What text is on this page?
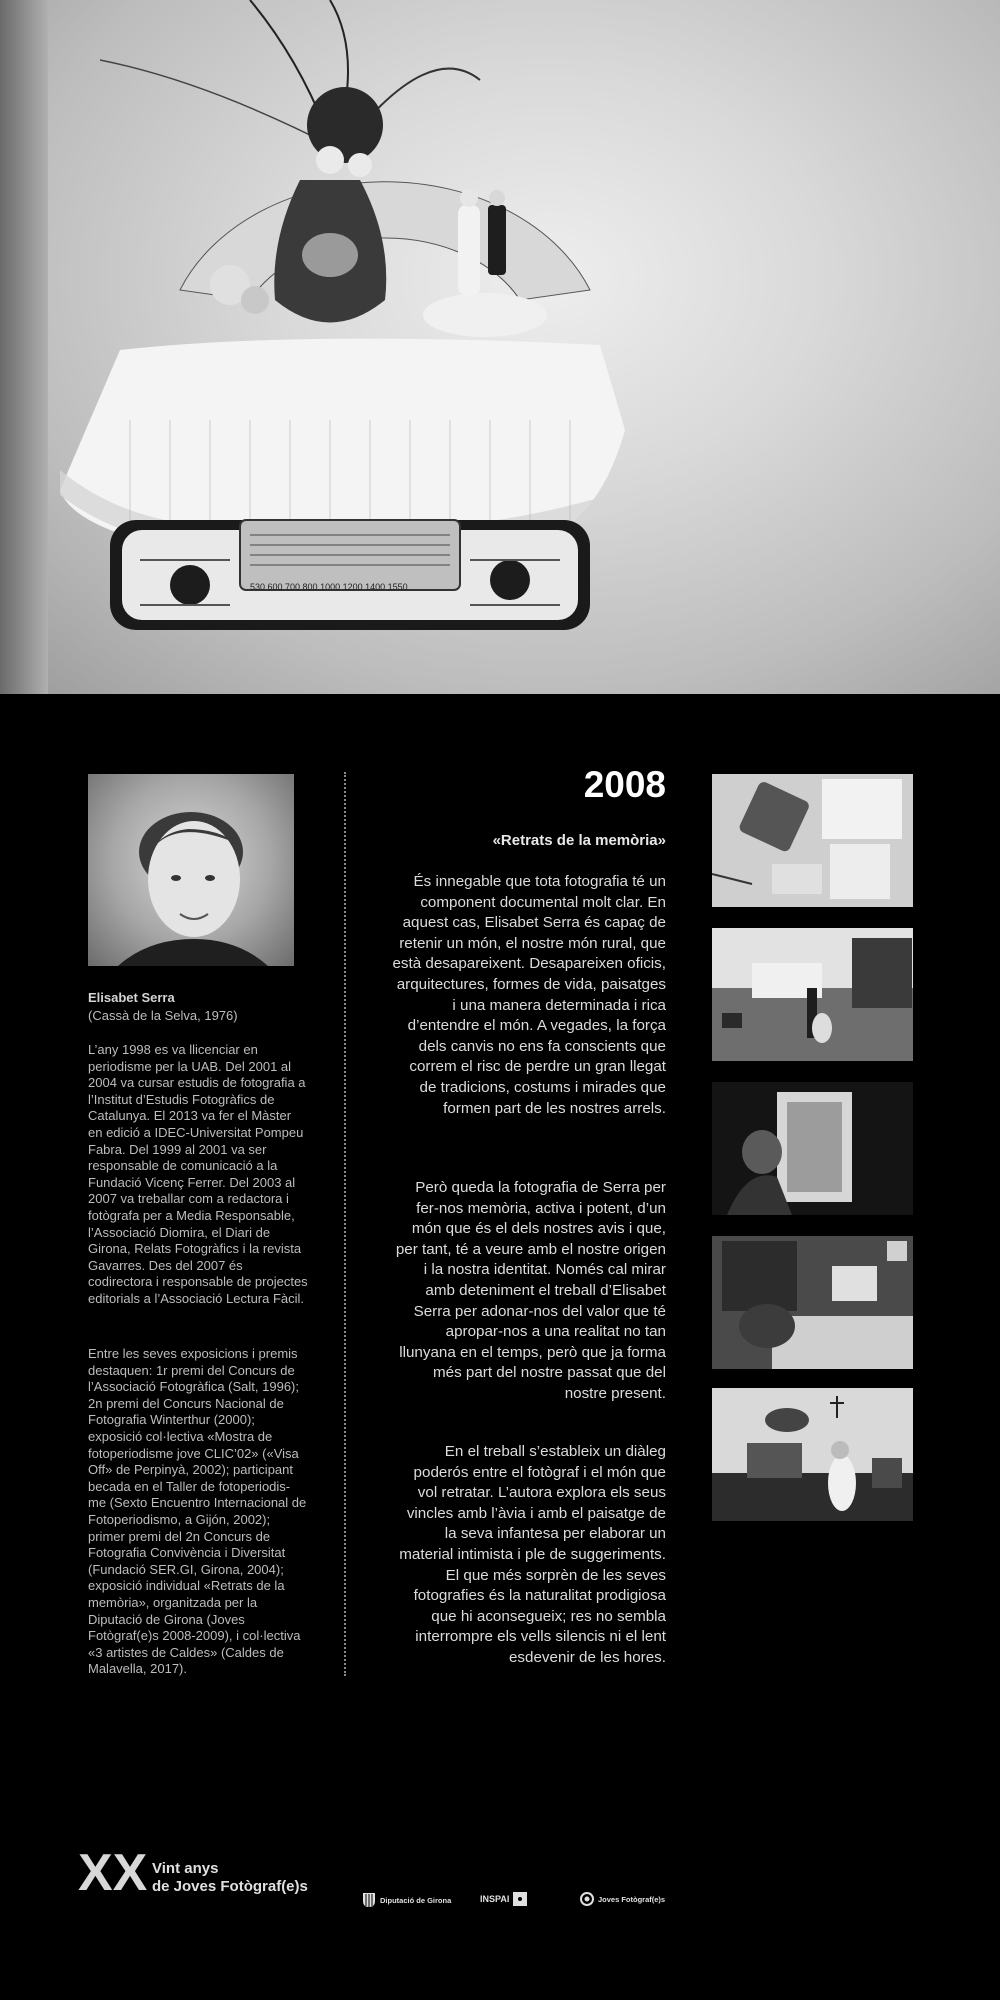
530 600 700 800 1000 1200 1400 1550
Elisabet Serra
(Cassà de la Selva, 1976)

L’any 1998 es va llicenciar en periodisme per la UAB. Del 2001 al 2004 va cursar estudis de fotografia a l’Institut d’Estudis Fotogràfics de Catalunya. El 2013 va fer el Màster en edició a IDEC-Universitat Pompeu Fabra. Del 1999 al 2001 va ser responsable de comunicació a la Fundació Vicenç Ferrer. Del 2003 al 2007 va treballar com a redactora i fotògrafa per a Media Responsable, l’Associació Diomira, el Diari de Girona, Relats Fotogràfics i la revista Gavarres. Des del 2007 és codirectora i responsable de projectes editorials a l’Associació Lectura Fàcil.

Entre les seves exposicions i premis destaquen: 1r premi del Concurs de l’Associació Fotogràfica (Salt, 1996); 2n premi del Concurs Nacional de Fotografia Winterthur (2000); exposició col·lectiva «Mostra de fotoperiodisme jove CLIC’02» («Visa Off» de Perpinyà, 2002); participant becada en el Taller de fotoperiodis-me (Sexto Encuentro Internacional de Fotoperiodismo, a Gijón, 2002); primer premi del 2n Concurs de Fotografia Convivència i Diversitat (Fundació SER.GI, Girona, 2004); exposició individual «Retrats de la memòria», organitzada per la Diputació de Girona (Joves Fotògraf(e)s 2008-2009), i col·lectiva «3 artistes de Caldes» (Caldes de Malavella, 2017).

2008
«Retrats de la memòria»

És innegable que tota fotografia té un component documental molt clar. En aquest cas, Elisabet Serra és capaç de retenir un món, el nostre món rural, que està desapareixent. Desapareixen oficis, arquitectures, formes de vida, paisatges i una manera determinada i rica d’entendre el món. A vegades, la força dels canvis no ens fa conscients que correm el risc de perdre un gran llegat de tradicions, costums i mirades que formen part de les nostres arrels.

Però queda la fotografia de Serra per fer-nos memòria, activa i potent, d’un món que és el dels nostres avis i que, per tant, té a veure amb el nostre origen i la nostra identitat. Només cal mirar amb deteniment el treball d’Elisabet Serra per adonar-nos del valor que té apropar-nos a una realitat no tan llunyana en el temps, però que ja forma més part del nostre passat que del nostre present.

En el treball s’estableix un diàleg poderós entre el fotògraf i el món que vol retratar. L’autora explora els seus vincles amb l’àvia i amb el paisatge de la seva infantesa per elaborar un material intimista i ple de suggeriments. El que més sorprèn de les seves fotografies és la naturalitat prodigiosa que hi aconsegueix; res no sembla interrompre els vells silencis ni el lent esdevenir de les hores.

XX Vint anys
de Joves Fotògraf(e)s
Diputació de Girona	INSPAI	Joves Fotògraf(e)s
